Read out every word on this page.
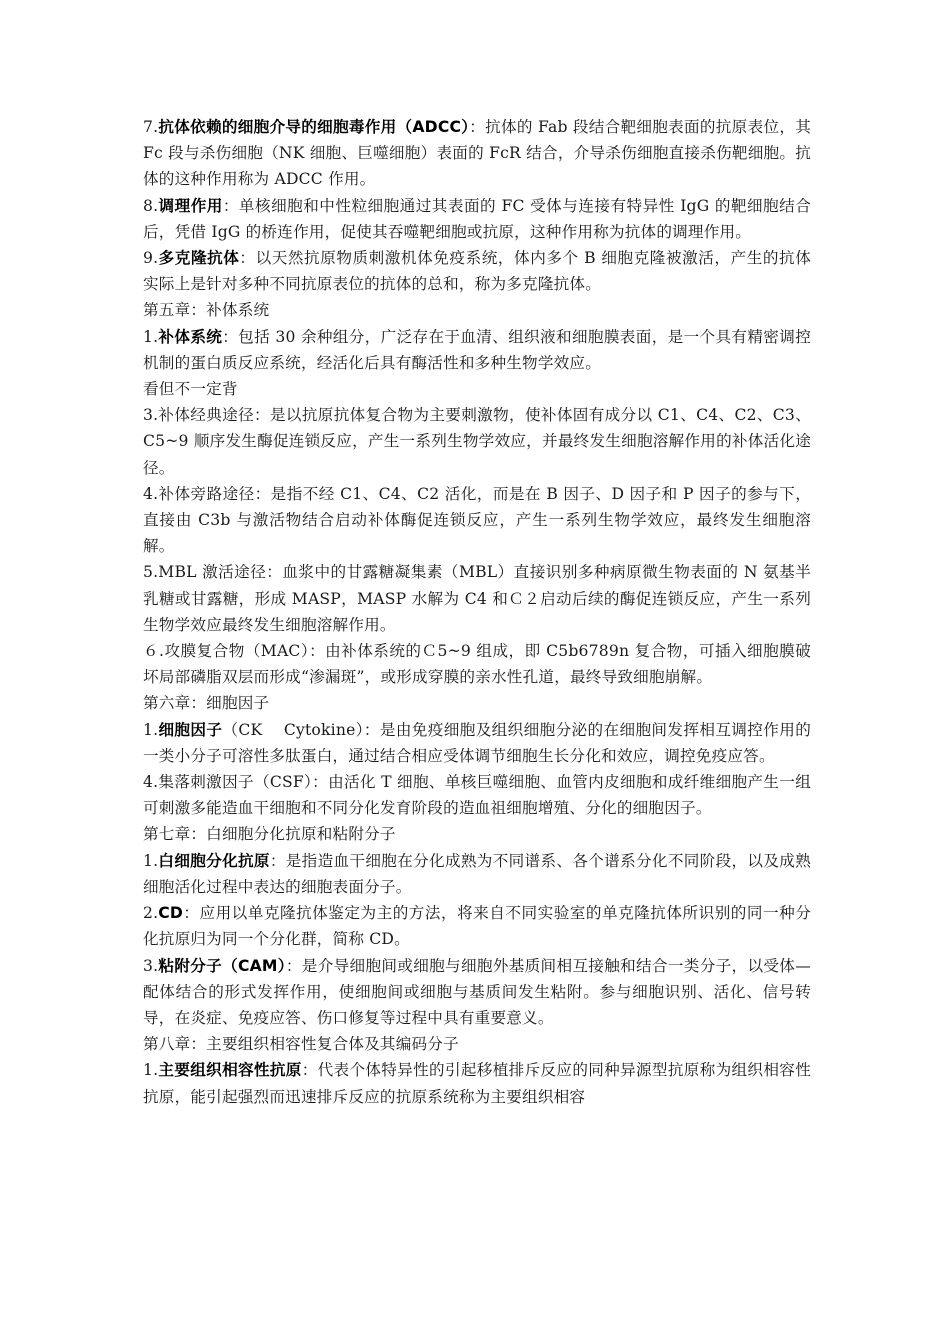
7.抗体依赖的细胞介导的细胞毒作用（ADCC）：抗体的 Fab 段结合靶细胞表面的抗原表位，其 Fc 段与杀伤细胞（NK 细胞、巨噬细胞）表面的 FcR 结合，介导杀伤细胞直接杀伤靶细胞。抗体的这种作用称为 ADCC 作用。

8.调理作用：单核细胞和中性粒细胞通过其表面的 FC 受体与连接有特异性 IgG 的靶细胞结合后，凭借 IgG 的桥连作用，促使其吞噬靶细胞或抗原，这种作用称为抗体的调理作用。

9.多克隆抗体：以天然抗原物质刺激机体免疫系统，体内多个 B 细胞克隆被激活，产生的抗体实际上是针对多种不同抗原表位的抗体的总和，称为多克隆抗体。

第五章：补体系统

1.补体系统：包括 30 余种组分，广泛存在于血清、组织液和细胞膜表面，是一个具有精密调控机制的蛋白质反应系统，经活化后具有酶活性和多种生物学效应。

看但不一定背

3.补体经典途径：是以抗原抗体复合物为主要刺激物，使补体固有成分以 C1、C4、C2、C3、C5~9 顺序发生酶促连锁反应，产生一系列生物学效应，并最终发生细胞溶解作用的补体活化途径。

4.补体旁路途径：是指不经 C1、C4、C2 活化，而是在 B 因子、D 因子和 P 因子的参与下，直接由 C3b 与激活物结合启动补体酶促连锁反应，产生一系列生物学效应，最终发生细胞溶解。

5.MBL 激活途径：血浆中的甘露糖凝集素（MBL）直接识别多种病原微生物表面的 N 氨基半乳糖或甘露糖，形成 MASP，MASP 水解为 C4 和Ｃ２启动后续的酶促连锁反应，产生一系列生物学效应最终发生细胞溶解作用。

６.攻膜复合物（MAC）：由补体系统的Ｃ5~9 组成，即 C5b6789n 复合物，可插入细胞膜破坏局部磷脂双层而形成“渗漏斑”，或形成穿膜的亲水性孔道，最终导致细胞崩解。

第六章：细胞因子

1.细胞因子（CK　 Cytokine）：是由免疫细胞及组织细胞分泌的在细胞间发挥相互调控作用的一类小分子可溶性多肽蛋白，通过结合相应受体调节细胞生长分化和效应，调控免疫应答。

4.集落刺激因子（CSF）：由活化 T 细胞、单核巨噬细胞、血管内皮细胞和成纤维细胞产生一组可刺激多能造血干细胞和不同分化发育阶段的造血祖细胞增殖、分化的细胞因子。

第七章：白细胞分化抗原和粘附分子

1.白细胞分化抗原：是指造血干细胞在分化成熟为不同谱系、各个谱系分化不同阶段，以及成熟细胞活化过程中表达的细胞表面分子。

2.CD：应用以单克隆抗体鉴定为主的方法，将来自不同实验室的单克隆抗体所识别的同一种分化抗原归为同一个分化群，简称 CD。

3.粘附分子（CAM）：是介导细胞间或细胞与细胞外基质间相互接触和结合一类分子，以受体—配体结合的形式发挥作用，使细胞间或细胞与基质间发生粘附。参与细胞识别、活化、信号转导，在炎症、免疫应答、伤口修复等过程中具有重要意义。

第八章：主要组织相容性复合体及其编码分子

1.主要组织相容性抗原：代表个体特异性的引起移植排斥反应的同种异源型抗原称为组织相容性抗原，能引起强烈而迅速排斥反应的抗原系统称为主要组织相容
